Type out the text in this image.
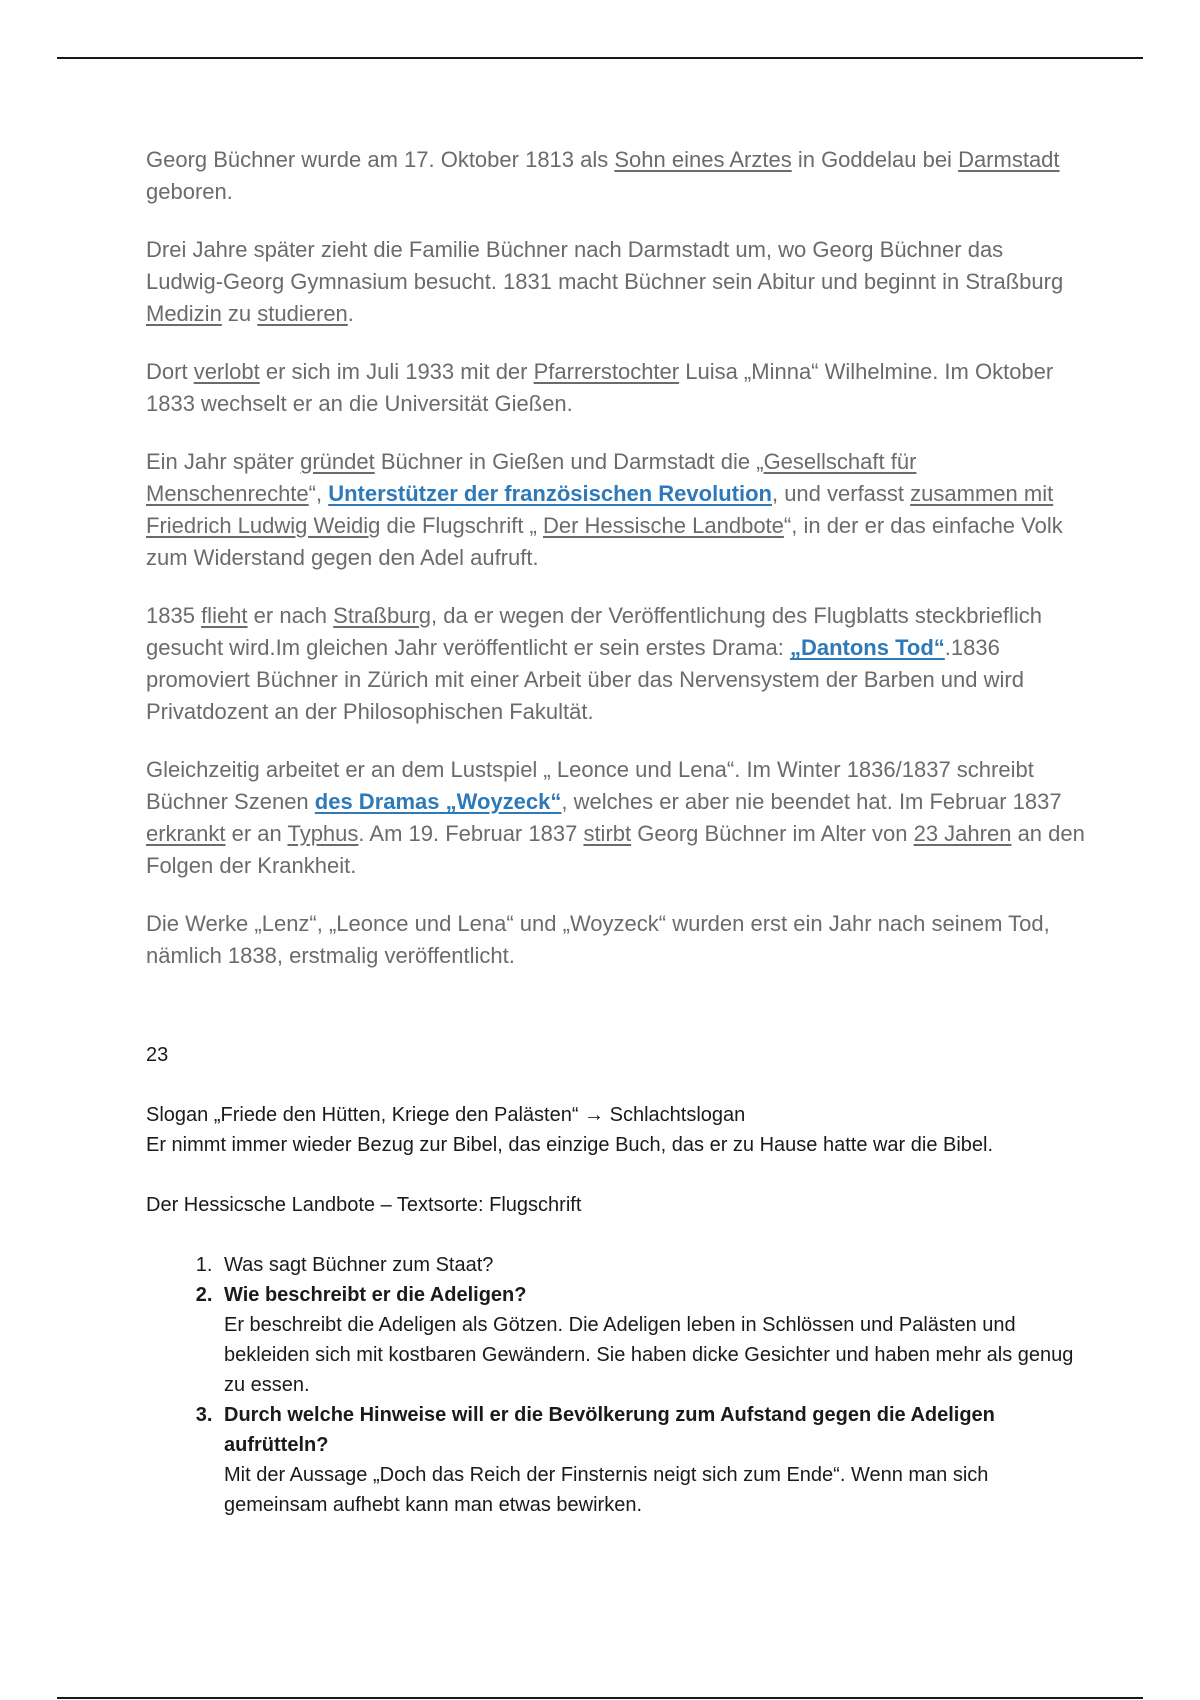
Georg Büchner wurde am 17. Oktober 1813 als Sohn eines Arztes in Goddelau bei Darmstadt geboren.

Drei Jahre später zieht die Familie Büchner nach Darmstadt um, wo Georg Büchner das Ludwig-Georg Gymnasium besucht. 1831 macht Büchner sein Abitur und beginnt in Straßburg Medizin zu studieren.

Dort verlobt er sich im Juli 1933 mit der Pfarrerstochter Luisa „Minna“ Wilhelmine. Im Oktober 1833 wechselt er an die Universität Gießen.

Ein Jahr später gründet Büchner in Gießen und Darmstadt die „Gesellschaft für Menschenrechte“, Unterstützer der französischen Revolution, und verfasst zusammen mit Friedrich Ludwig Weidig die Flugschrift „ Der Hessische Landbote“, in der er das einfache Volk zum Widerstand gegen den Adel aufruft.

1835 flieht er nach Straßburg, da er wegen der Veröffentlichung des Flugblatts steckbrieflich gesucht wird.Im gleichen Jahr veröffentlicht er sein erstes Drama: „Dantons Tod“.1836 promoviert Büchner in Zürich mit einer Arbeit über das Nervensystem der Barben und wird Privatdozent an der Philosophischen Fakultät.

Gleichzeitig arbeitet er an dem Lustspiel „ Leonce und Lena“. Im Winter 1836/1837 schreibt Büchner Szenen des Dramas „Woyzeck“, welches er aber nie beendet hat. Im Februar 1837 erkrankt er an Typhus. Am 19. Februar 1837 stirbt Georg Büchner im Alter von 23 Jahren an den Folgen der Krankheit.

Die Werke „Lenz“, „Leonce und Lena“ und „Woyzeck“ wurden erst ein Jahr nach seinem Tod, nämlich 1838, erstmalig veröffentlicht.

23

Slogan „Friede den Hütten, Kriege den Palästen“ → Schlachtslogan

Er nimmt immer wieder Bezug zur Bibel, das einzige Buch, das er zu Hause hatte war die Bibel.

Der Hessicsche Landbote – Textsorte: Flugschrift

1. Was sagt Büchner zum Staat?
2. Wie beschreibt er die Adeligen?
Er beschreibt die Adeligen als Götzen. Die Adeligen leben in Schlössen und Palästen und bekleiden sich mit kostbaren Gewändern. Sie haben dicke Gesichter und haben mehr als genug zu essen.
3. Durch welche Hinweise will er die Bevölkerung zum Aufstand gegen die Adeligen aufrütteln?
Mit der Aussage „Doch das Reich der Finsternis neigt sich zum Ende“. Wenn man sich gemeinsam aufhebt kann man etwas bewirken.
